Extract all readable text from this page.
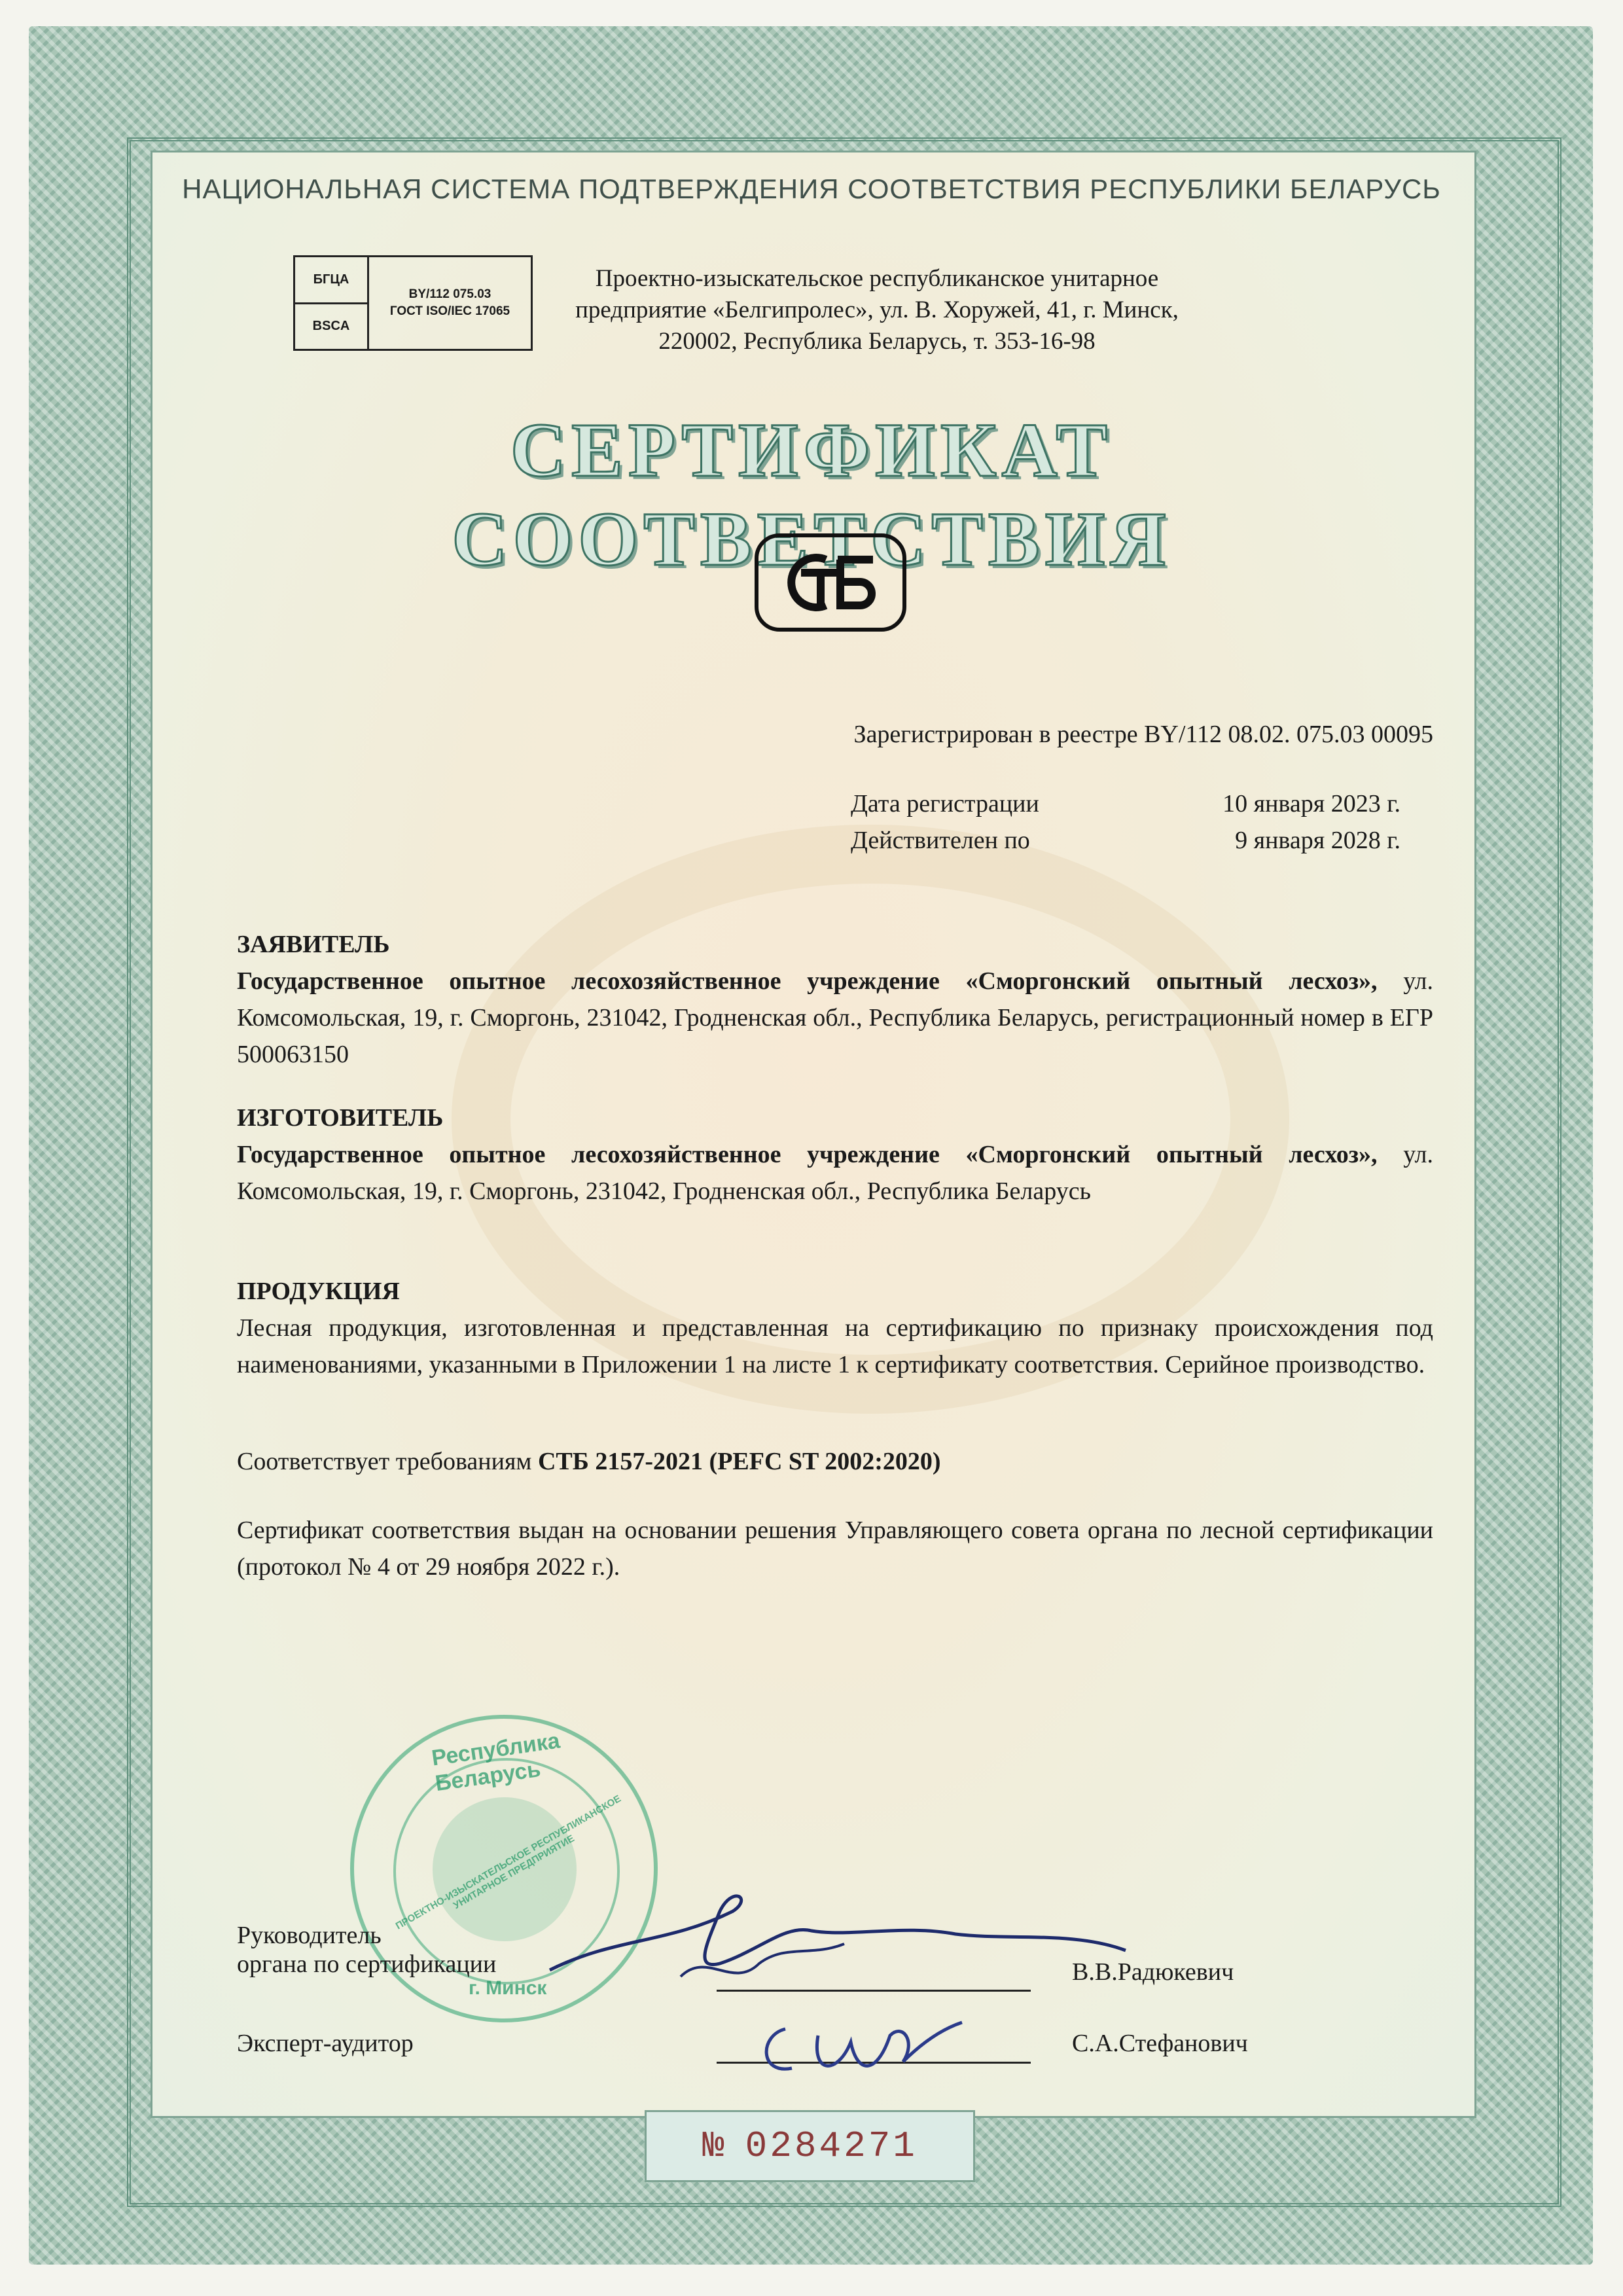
НАЦИОНАЛЬНАЯ СИСТЕМА ПОДТВЕРЖДЕНИЯ СООТВЕТСТВИЯ РЕСПУБЛИКИ БЕЛАРУСЬ
БГЦА
BSCA
BY/112 075.03
ГОСТ ISO/IEC 17065
Проектно-изыскательское республиканское унитарное
предприятие «Белгипролес», ул. В. Хоружей, 41, г. Минск,
220002, Республика Беларусь, т. 353-16-98
СЕРТИФИКАТ СООТВЕТСТВИЯ
Зарегистрирован в реестре BY/112 08.02. 075.03 00095
Дата регистрации	10 января 2023 г.
Действителен по	9 января 2028 г.
ЗАЯВИТЕЛЬ
Государственное опытное лесохозяйственное учреждение «Сморгонский опытный лесхоз», ул. Комсомольская, 19, г. Сморгонь, 231042, Гродненская обл., Республика Беларусь, регистрационный номер в ЕГР 500063150
ИЗГОТОВИТЕЛЬ
Государственное опытное лесохозяйственное учреждение «Сморгонский опытный лесхоз», ул. Комсомольская, 19, г. Сморгонь, 231042, Гродненская обл., Республика Беларусь
ПРОДУКЦИЯ
Лесная продукция, изготовленная и представленная на сертификацию по признаку происхождения под наименованиями, указанными в Приложении 1 на листе 1 к сертификату соответствия. Серийное производство.
Соответствует требованиям СТБ 2157-2021 (PEFC ST 2002:2020)
Сертификат соответствия выдан на основании решения Управляющего совета органа по лесной сертификации (протокол № 4 от 29 ноября 2022 г.).
Республика Беларусь
ПРОЕКТНО-ИЗЫСКАТЕЛЬСКОЕ РЕСПУБЛИКАНСКОЕ УНИТАРНОЕ ПРЕДПРИЯТИЕ
г. Минск
Руководитель
органа по сертификации	В.В.Радюкевич
Эксперт-аудитор	С.А.Стефанович
№ 0284271
